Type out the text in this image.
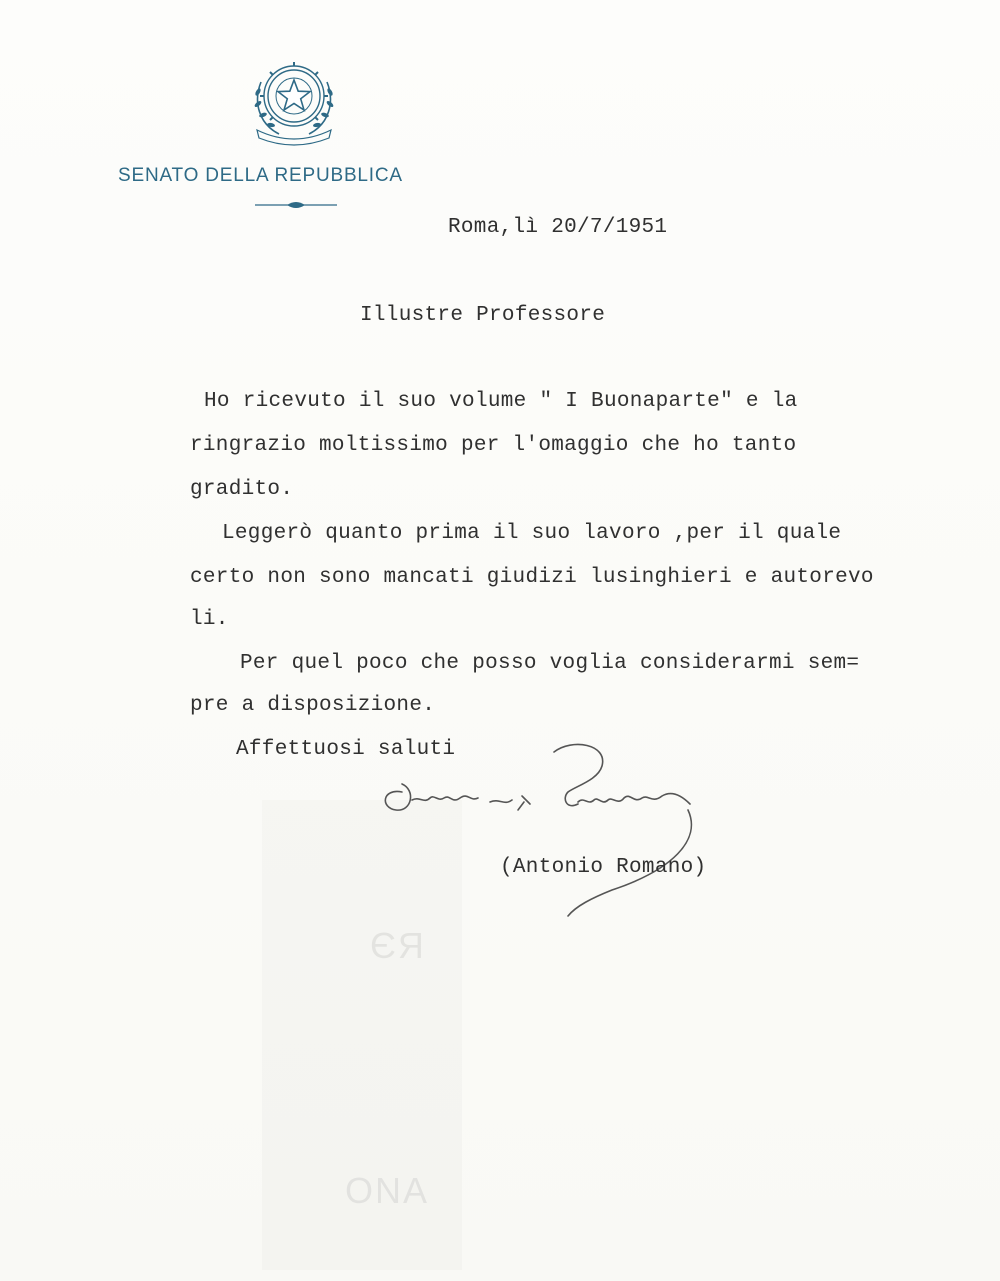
ЄЯ
ONA
SENATO DELLA REPUBBLICA
Roma,lì 20/7/1951
Illustre Professore
Ho ricevuto il suo volume " I Buonaparte" e la
ringrazio moltissimo per l'omaggio che ho tanto
gradito.
Leggerò quanto prima il suo lavoro ,per il quale
certo non sono mancati giudizi lusinghieri e autorevo
li.
Per quel poco che posso voglia considerarmi sem=
pre a disposizione.
Affettuosi saluti
(Antonio Romano)
